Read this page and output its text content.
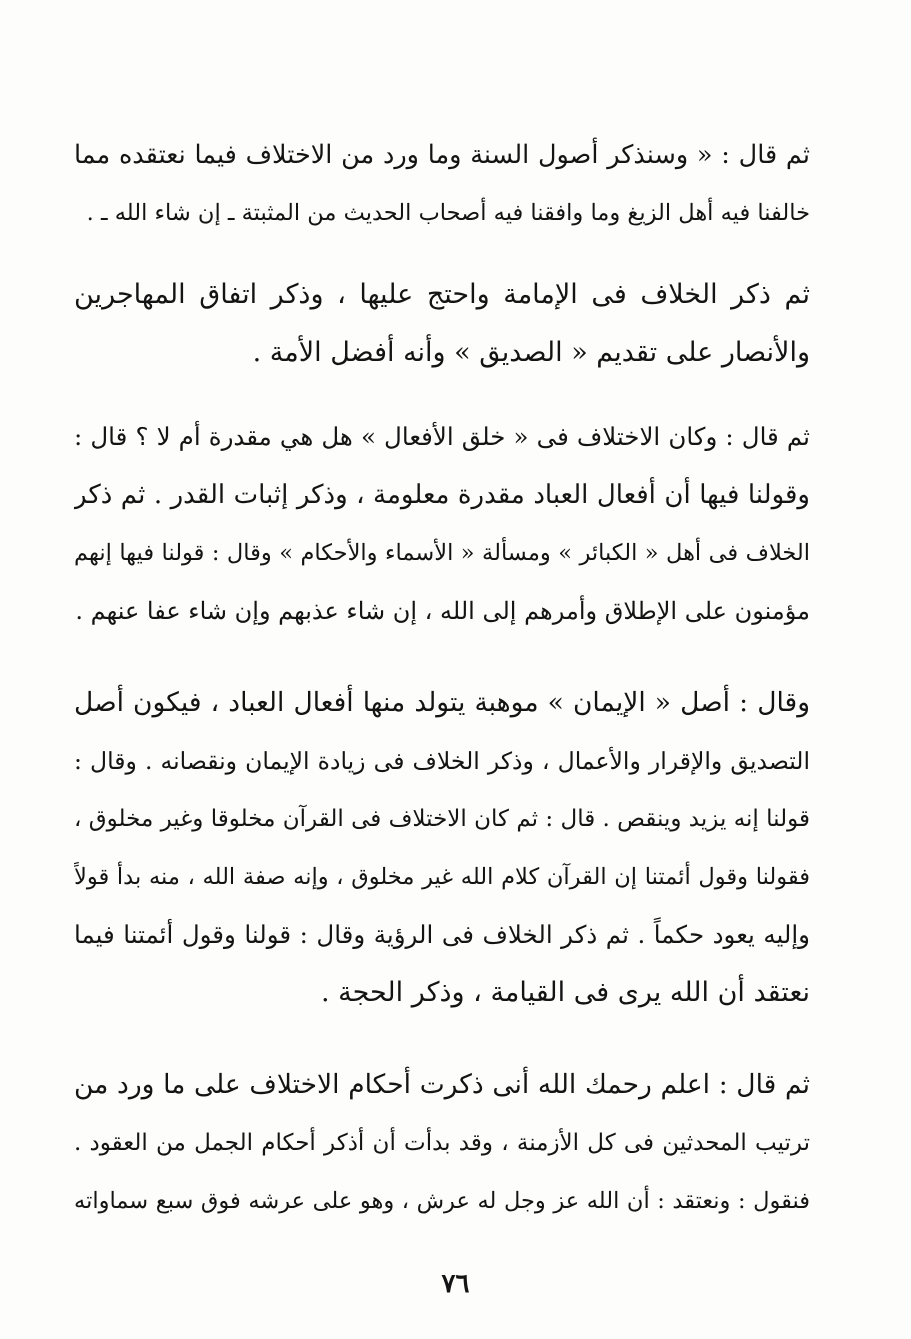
ثم قال : « وسنذكر أصول السنة وما ورد من الاختلاف فيما نعتقده مما
خالفنا فيه أهل الزيغ وما وافقنا فيه أصحاب الحديث من المثبتة ـ إن شاء الله ـ .
ثم ذكر الخلاف فى الإمامة واحتج عليها ، وذكر اتفاق المهاجرين
والأنصار على تقديم « الصديق » وأنه أفضل الأمة .
ثم قال : وكان الاختلاف فى « خلق الأفعال » هل هي مقدرة أم لا ؟ قال :
وقولنا فيها أن أفعال العباد مقدرة معلومة ، وذكر إثبات القدر . ثم ذكر
الخلاف فى أهل « الكبائر » ومسألة « الأسماء والأحكام » وقال : قولنا فيها إنهم
مؤمنون على الإطلاق وأمرهم إلى الله ، إن شاء عذبهم وإن شاء عفا عنهم .
وقال : أصل « الإيمان » موهبة يتولد منها أفعال العباد ، فيكون أصل
التصديق والإقرار والأعمال ، وذكر الخلاف فى زيادة الإيمان ونقصانه . وقال :
قولنا إنه يزيد وينقص . قال : ثم كان الاختلاف فى القرآن مخلوقا وغير مخلوق ،
فقولنا وقول أئمتنا إن القرآن كلام الله غير مخلوق ، وإنه صفة الله ، منه بدأ قولاً
وإليه يعود حكماً . ثم ذكر الخلاف فى الرؤية وقال : قولنا وقول أئمتنا فيما
نعتقد أن الله يرى فى القيامة ، وذكر الحجة .
ثم قال : اعلم رحمك الله أنى ذكرت أحكام الاختلاف على ما ورد من
ترتيب المحدثين فى كل الأزمنة ، وقد بدأت أن أذكر أحكام الجمل من العقود .
فنقول : ونعتقد : أن الله عز وجل له عرش ، وهو على عرشه فوق سبع سماواته
٧٦
